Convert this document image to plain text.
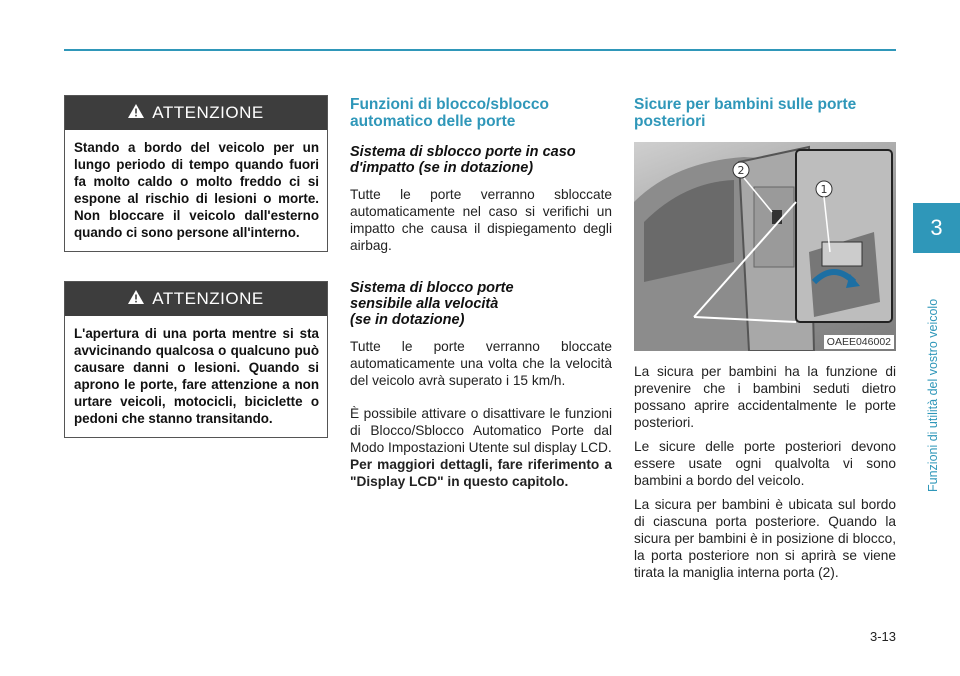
3
Funzioni di utilità del vostro veicolo
ATTENZIONE
Stando a bordo del veicolo per un lungo periodo di tempo quando fuori fa molto caldo o molto freddo ci si espone al rischio di lesioni o morte. Non bloccare il veicolo dall'esterno quando ci sono persone all'interno.
ATTENZIONE
L'apertura di una porta mentre si sta avvicinando qualcosa o qualcuno può causare danni o lesioni. Quando si aprono le porte, fare attenzione a non urtare veicoli, motocicli, biciclette o pedoni che stanno transitando.

Funzioni di blocco/sblocco automatico delle porte

Sistema di sblocco porte in caso d'impatto (se in dotazione)

Tutte le porte verranno sbloccate automaticamente nel caso si verifichi un impatto che causa il dispiegamento degli airbag.

Sistema di blocco porte
sensibile alla velocità
(se in dotazione)

Tutte le porte verranno bloccate automaticamente una volta che la velocità del veicolo avrà superato i 15 km/h.

È possibile attivare o disattivare le funzioni di Blocco/Sblocco Automatico Porte dal Modo Impostazioni Utente sul display LCD.

Per maggiori dettagli, fare riferimento a "Display LCD" in questo capitolo.

Sicure per bambini sulle porte posteriori

2
1
OAEE046002

La sicura per bambini ha la funzione di prevenire che i bambini seduti dietro possano aprire accidentalmente le porte posteriori.

Le sicure delle porte posteriori devono essere usate ogni qualvolta vi sono bambini a bordo del veicolo.

La sicura per bambini è ubicata sul bordo di ciascuna porta posteriore. Quando la sicura per bambini è in posizione di blocco, la porta posteriore non si aprirà se viene tirata la maniglia interna porta (2).

3-13
